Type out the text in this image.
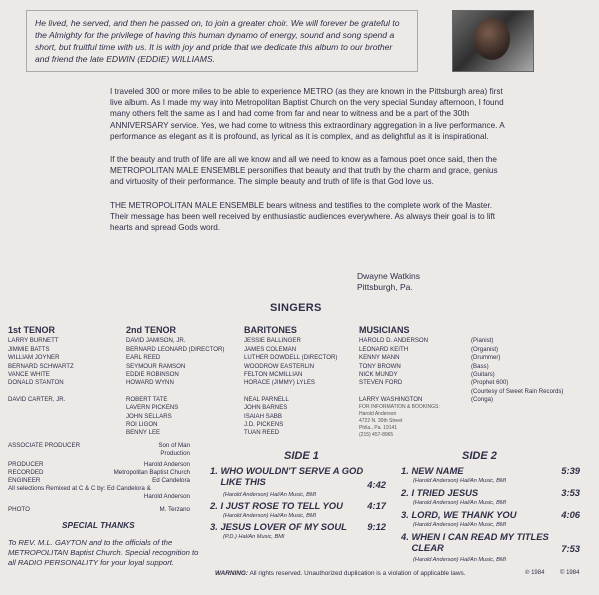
He lived, he served, and then he passed on, to join a greater choir. We will forever be grateful to the Almighty for the privilege of having this human dynamo of energy, sound and song spend a short, but fruitful time with us. It is with joy and pride that we dedicate this album to our brother and friend the late EDWIN (EDDIE) WILLIAMS.

I traveled 300 or more miles to be able to experience METRO (as they are known in the Pittsburgh area) first live album. As I made my way into Metropolitan Baptist Church on the very special Sunday afternoon, I found many others felt the same as I and had come from far and near to witness and be a part of the 30th ANNIVERSARY service. Yes, we had come to witness this extraordinary aggregation in a live performance. A performance as elegant as it is profound, as lyrical as it is complex, and as delightful as it is inspirational.

If the beauty and truth of life are all we know and all we need to know as a famous poet once said, then the METROPOLITAN MALE ENSEMBLE personifies that beauty and that truth by the charm and grace, genius and virtuosity of their performance. The simple beauty and truth of life is that God love us.

THE METROPOLITAN MALE ENSEMBLE bears witness and testifies to the complete work of the Master. Their message has been well received by enthusiastic audiences everywhere. As always their goal is to lift hearts and spread Gods word.

Dwayne Watkins
Pittsburgh, Pa.
SINGERS
1st TENOR
LARRY BURNETT
JIMMIE BATTS
WILLIAM JOYNER
BERNARD SCHWARTZ
VANCE WHITE
DONALD STANTON
DAVID CARTER, JR.
2nd TENOR
DAVID JAMISON, JR.
BERNARD LEONARD (DIRECTOR)
EARL REED
SEYMOUR RAMSON
EDDIE ROBINSON
HOWARD WYNN
ROBERT TATE
LAVERN PICKENS
JOHN SELLARS
ROI LIGON
BENNY LEE
BARITONES
JESSIE BALLINGER
JAMES COLEMAN
LUTHER DOWDELL (DIRECTOR)
WOODROW EASTERLIN
FELTON MCMILLIAN
HORACE (JIMMY) LYLES
NEAL PARNELL
JOHN BARNES
ISAIAH SABB
J.D. PICKENS
TUAN REED
MUSICIANS
HAROLD D. ANDERSON	(Pianist)
LEONARD KEITH	(Organist)
KENNY MANN	(Drummer)
TONY BROWN	(Bass)
NICK MUNDY	(Guitars)
STEVEN FORD	(Prophet 600)
(Courtesy of Sweet Rain Records)
LARRY WASHINGTON	(Conga)
FOR INFORMATION & BOOKINGS:
Harold Anderson
4722 N. 30th Street
Phila., Pa. 19141
(215) 457-8965
ASSOCIATE PRODUCER	Son of Man
Production
PRODUCER	Harold Anderson
RECORDED	Metropolitan Baptist Church
ENGINEER	Ed Candelora
All selections Remixed at C & C by: Ed Candelora &
Harold Anderson
PHOTO	M. Terzano
SPECIAL THANKS
To REV. M.L. GAYTON and to the officials of the METROPOLITAN Baptist Church. Special recognition to all RADIO PERSONALITY for your loyal support.
SIDE 1
1. WHO WOULDN'T SERVE A GOD LIKE THIS	4:42
(Harold Anderson) Hal/An Music, BMI
2. I JUST ROSE TO TELL YOU	4:17
(Harold Anderson) Hal/An Music, BMI
3. JESUS LOVER OF MY SOUL 9:12
(P.D.) Hal/An Music, BMI
SIDE 2
1. NEW NAME	5:39
(Harold Anderson) Hal/An Music, BMI
2. I TRIED JESUS	3:53
(Harold Anderson) Hal/An Music, BMI
3. LORD, WE THANK YOU	4:06
(Harold Anderson) Hal/An Music, BMI
4. WHEN I CAN READ MY TITLES CLEAR	7:53
(Harold Anderson) Hal/An Music, BMI
WARNING: All rights reserved. Unauthorized duplication is a violation of applicable laws.	℗ 1984	© 1984
